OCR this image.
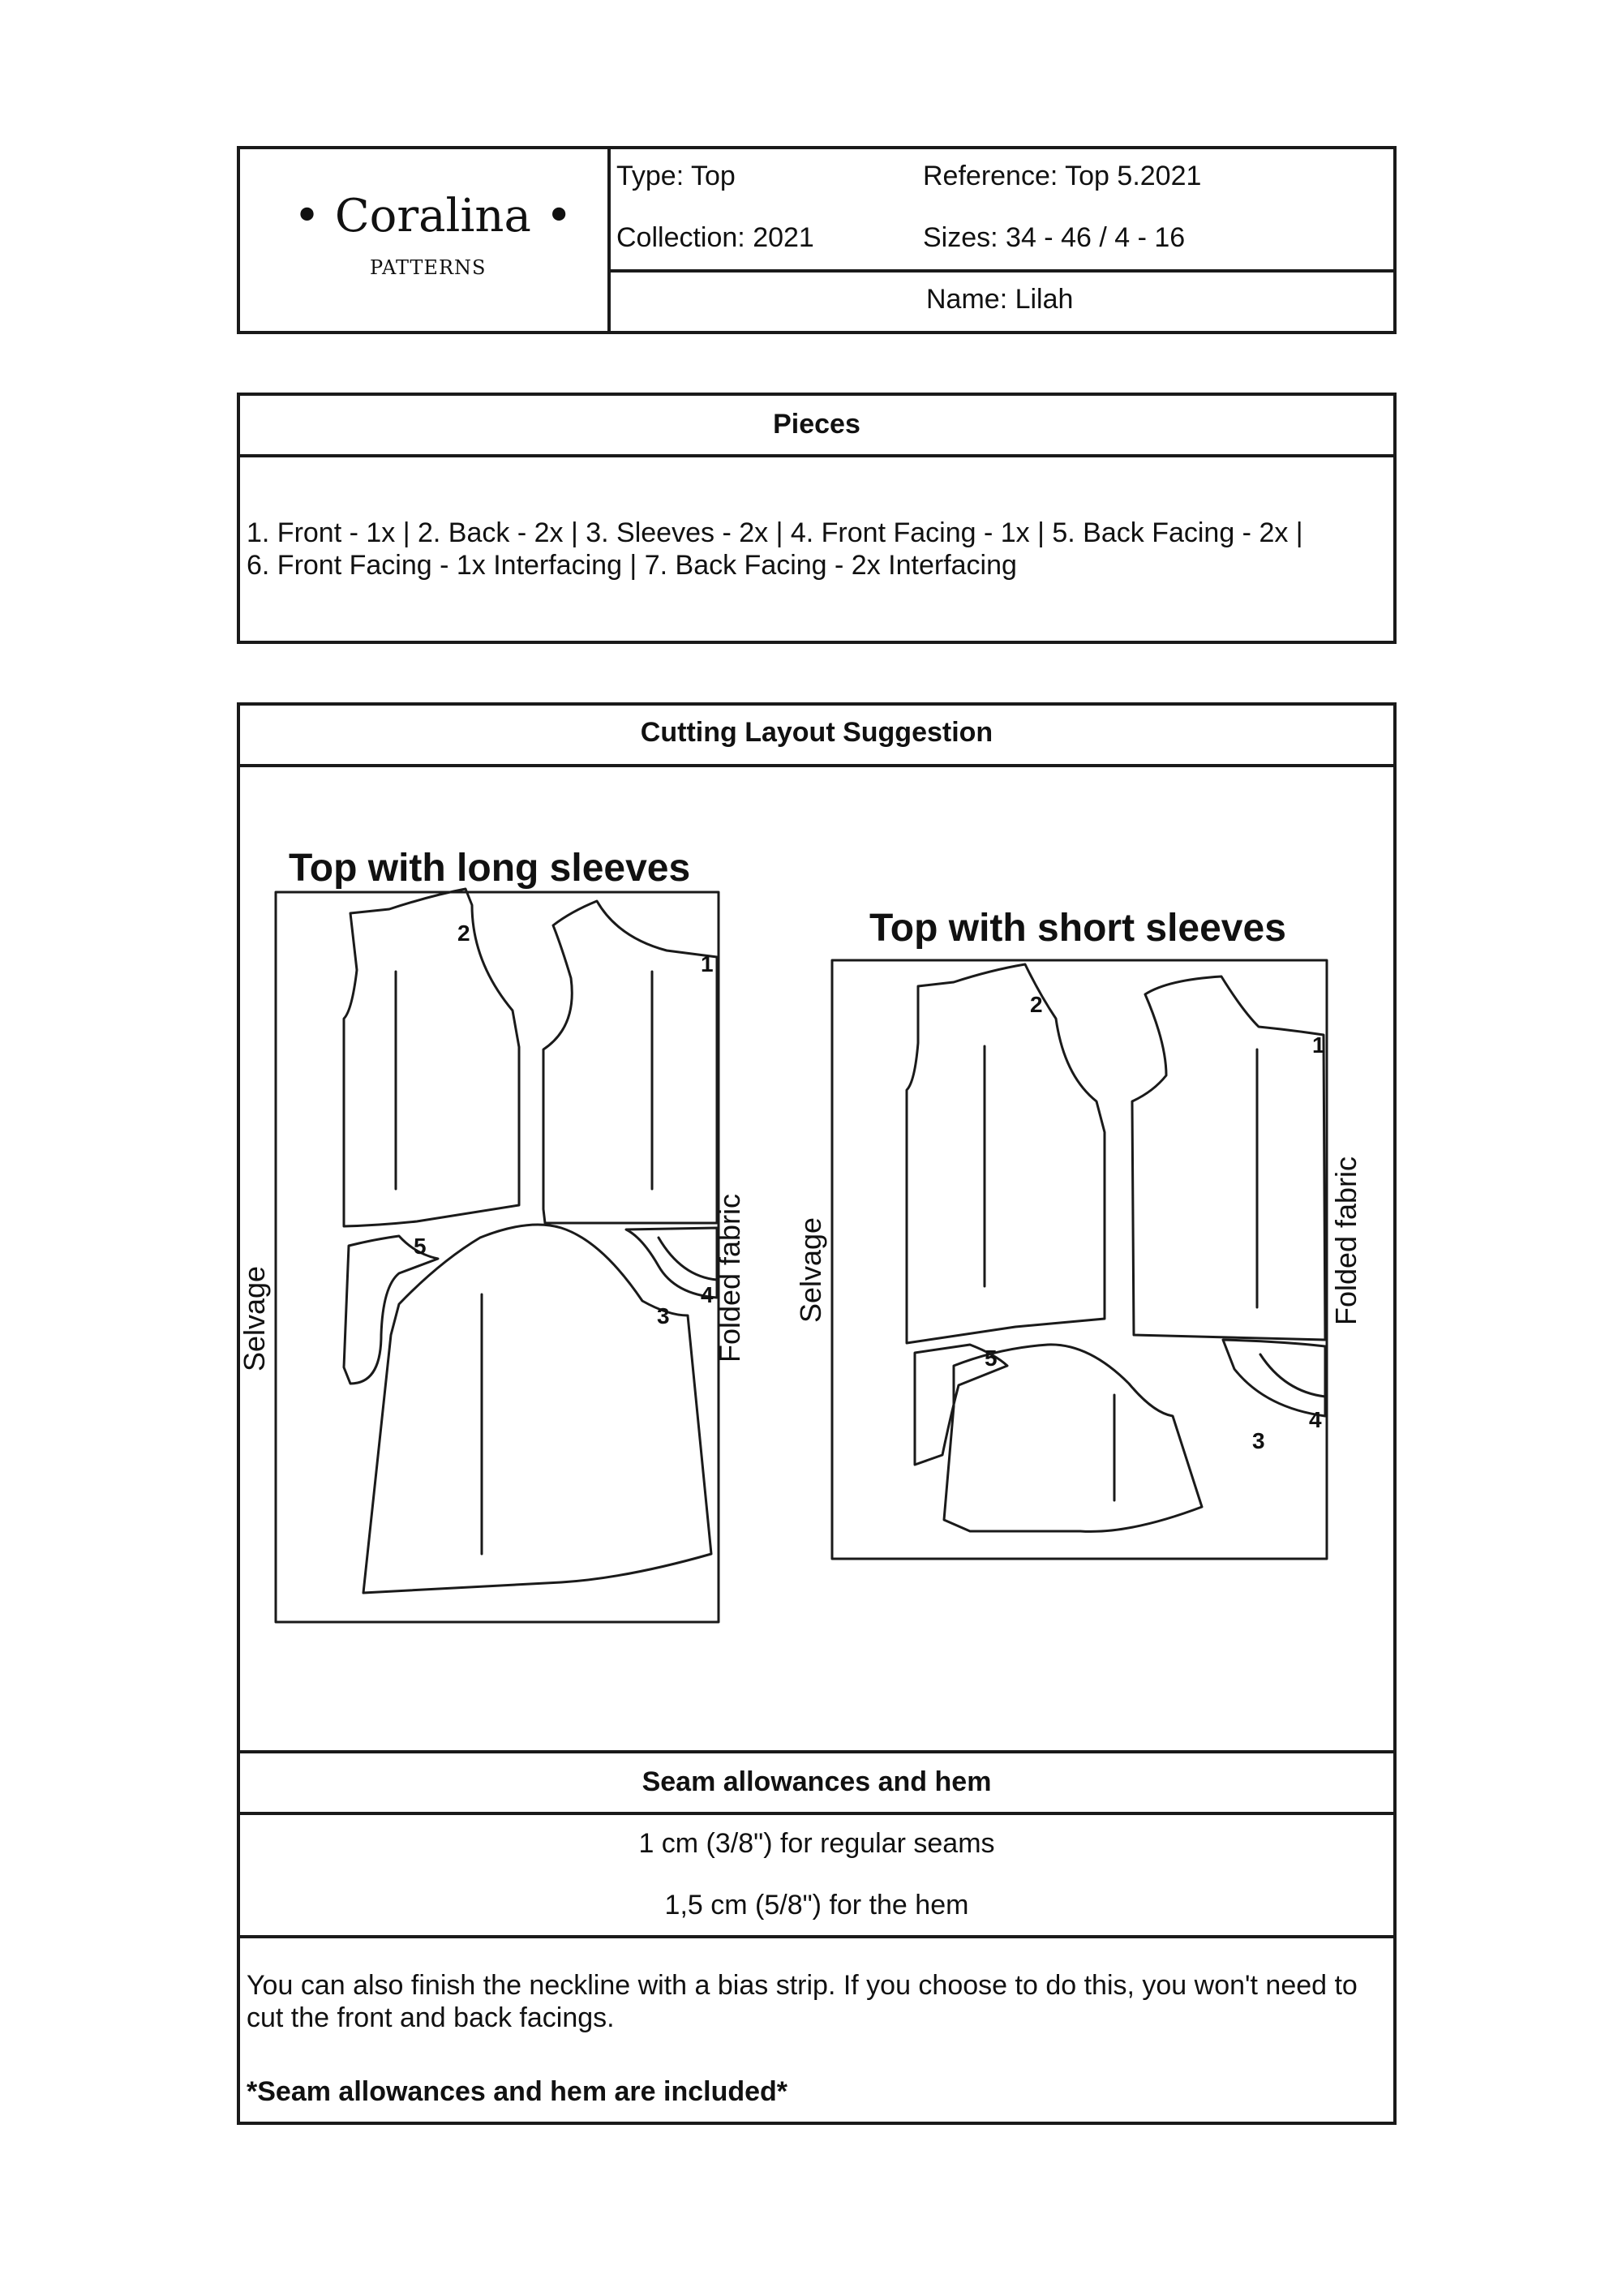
• Coralina •
PATTERNS
Type: Top	Reference: Top 5.2021
Collection: 2021	Sizes: 34 - 46 / 4 - 16
Name: Lilah
Pieces
1. Front - 1x | 2. Back - 2x | 3. Sleeves - 2x | 4. Front Facing - 1x | 5. Back Facing - 2x |
6. Front Facing - 1x Interfacing | 7. Back Facing - 2x Interfacing
Cutting Layout Suggestion
Top with long sleeves
Top with short sleeves
Selvage	Folded fabric Selvage	Folded fabric
1
2
3
4
5
1
2
3
4
5
Seam allowances and hem
1 cm (3/8") for regular seams
1,5 cm (5/8") for the hem
You can also finish the neckline with a bias strip. If you choose to do this, you won't need to cut the front and back facings.
*Seam allowances and hem are included*
